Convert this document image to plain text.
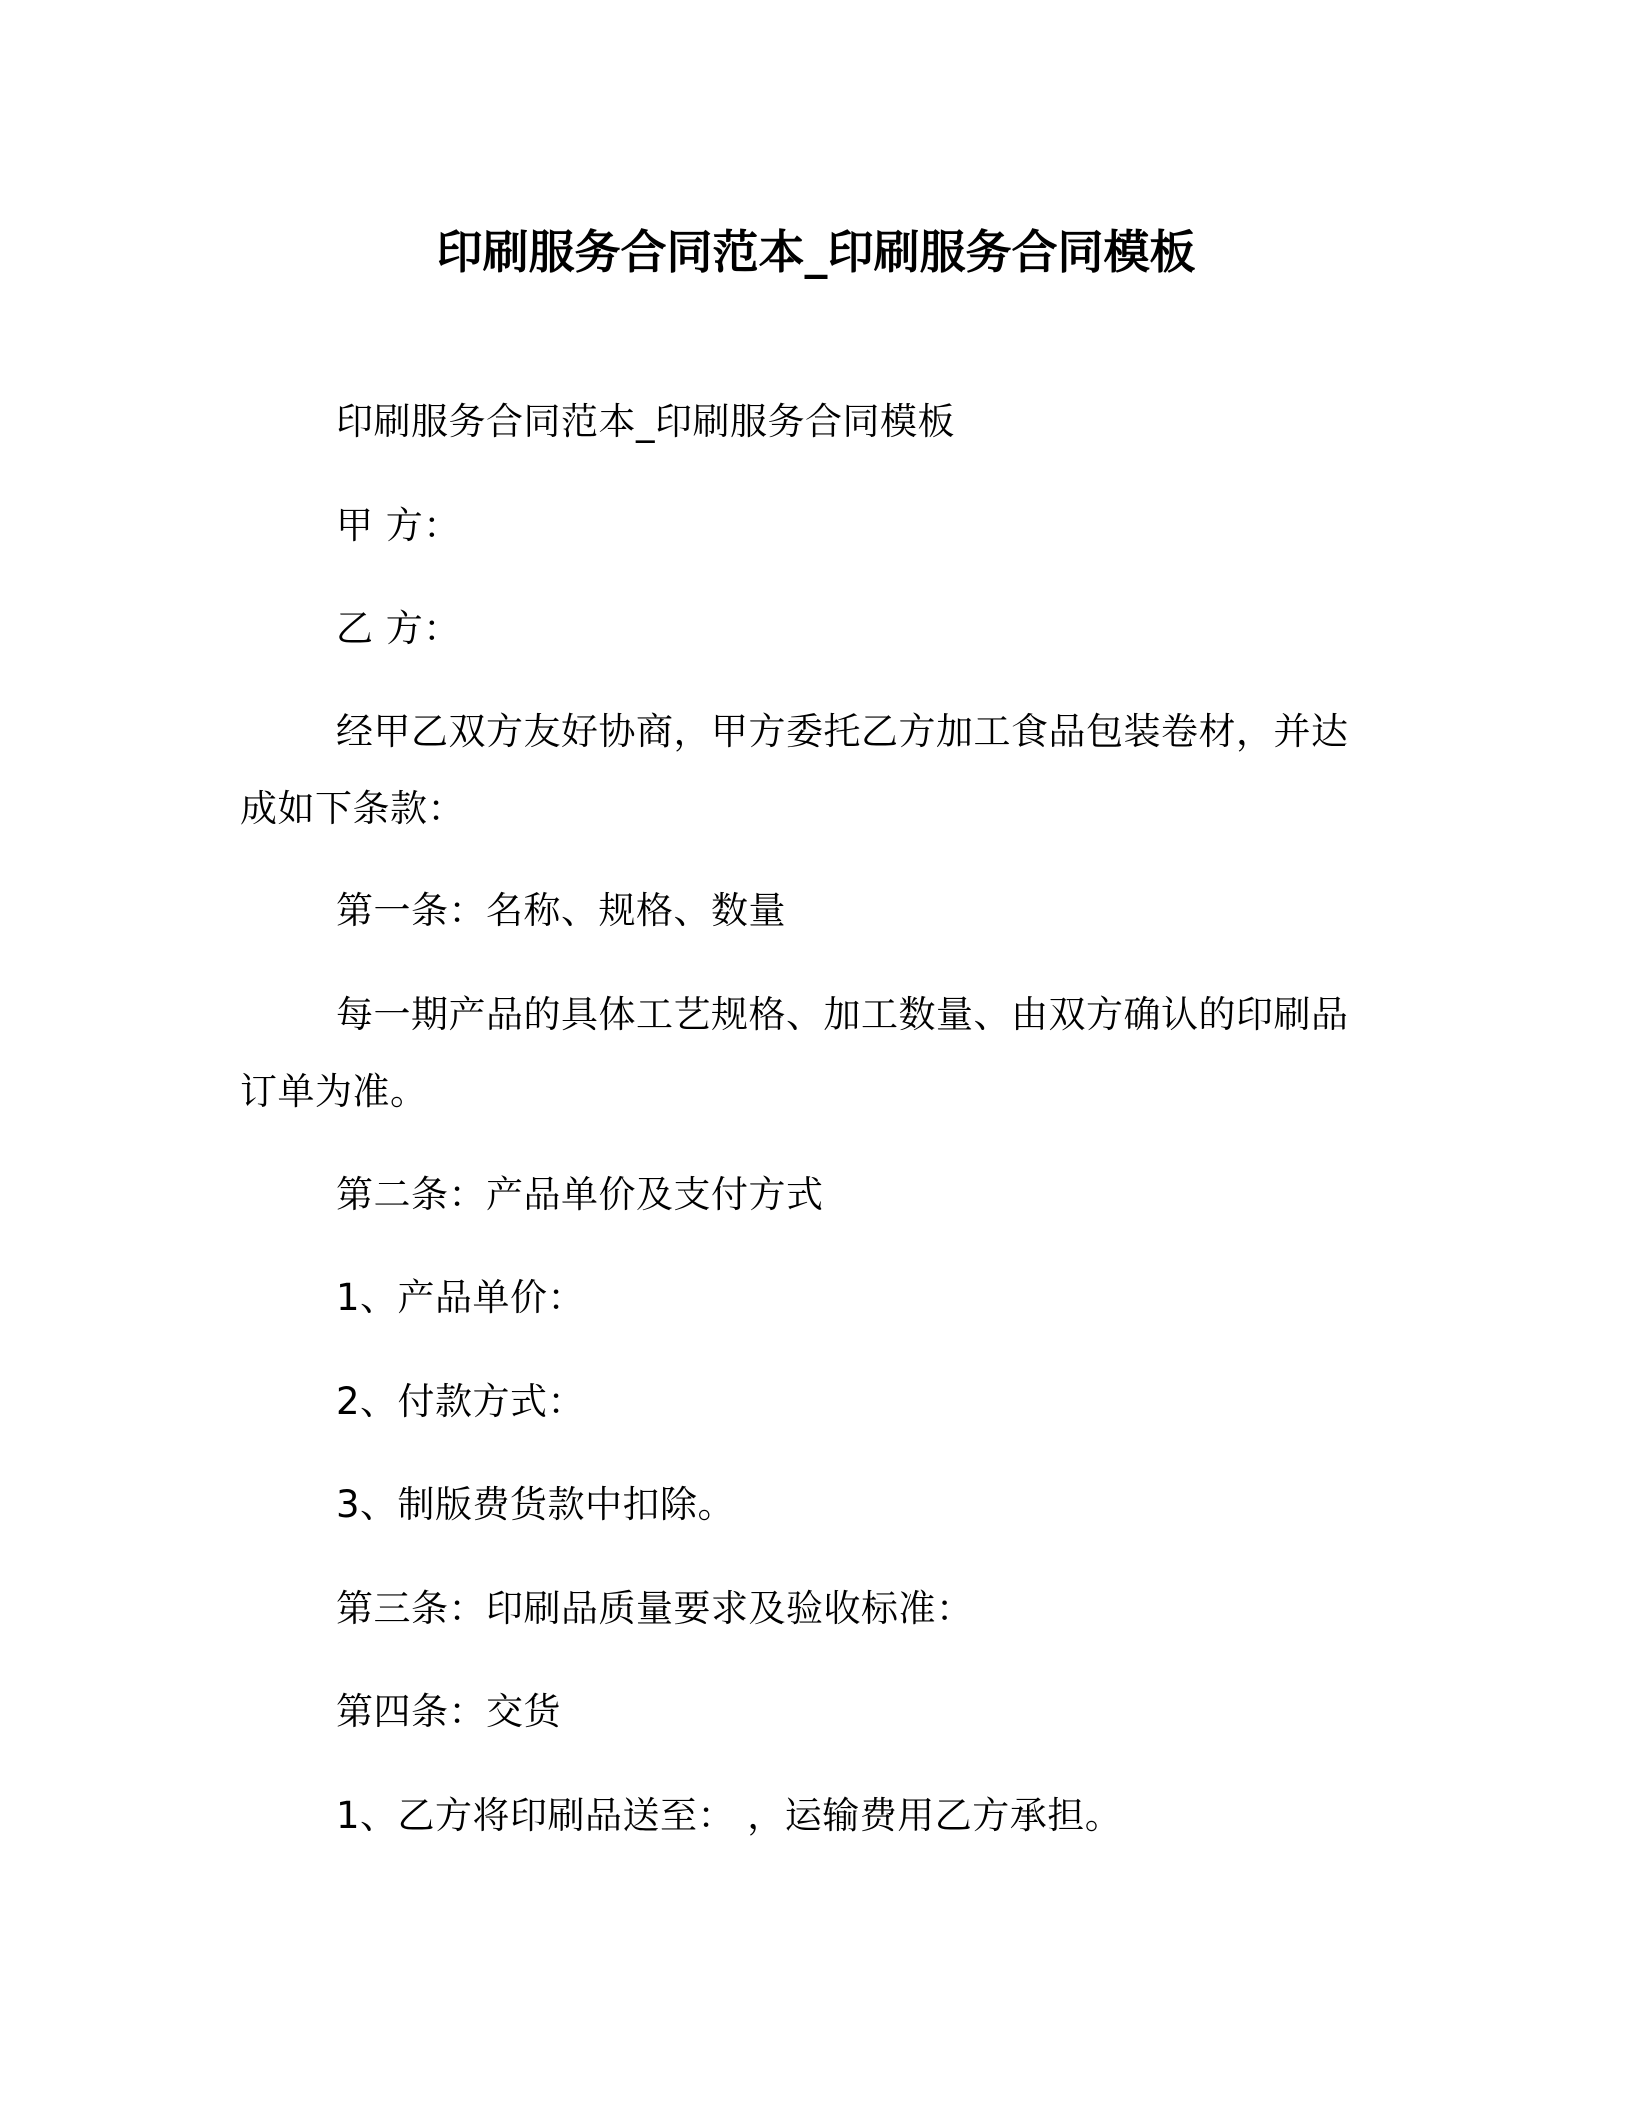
印刷服务合同范本_印刷服务合同模板

印刷服务合同范本_印刷服务合同模板

甲 方：

乙 方：

经甲乙双方友好协商，甲方委托乙方加工食品包装卷材，并达成如下条款：

第一条：名称、规格、数量

每一期产品的具体工艺规格、加工数量、由双方确认的印刷品订单为准。

第二条：产品单价及支付方式

1、产品单价：

2、付款方式：

3、制版费货款中扣除。

第三条：印刷品质量要求及验收标准：

第四条：交货

1、乙方将印刷品送至： ，运输费用乙方承担。
